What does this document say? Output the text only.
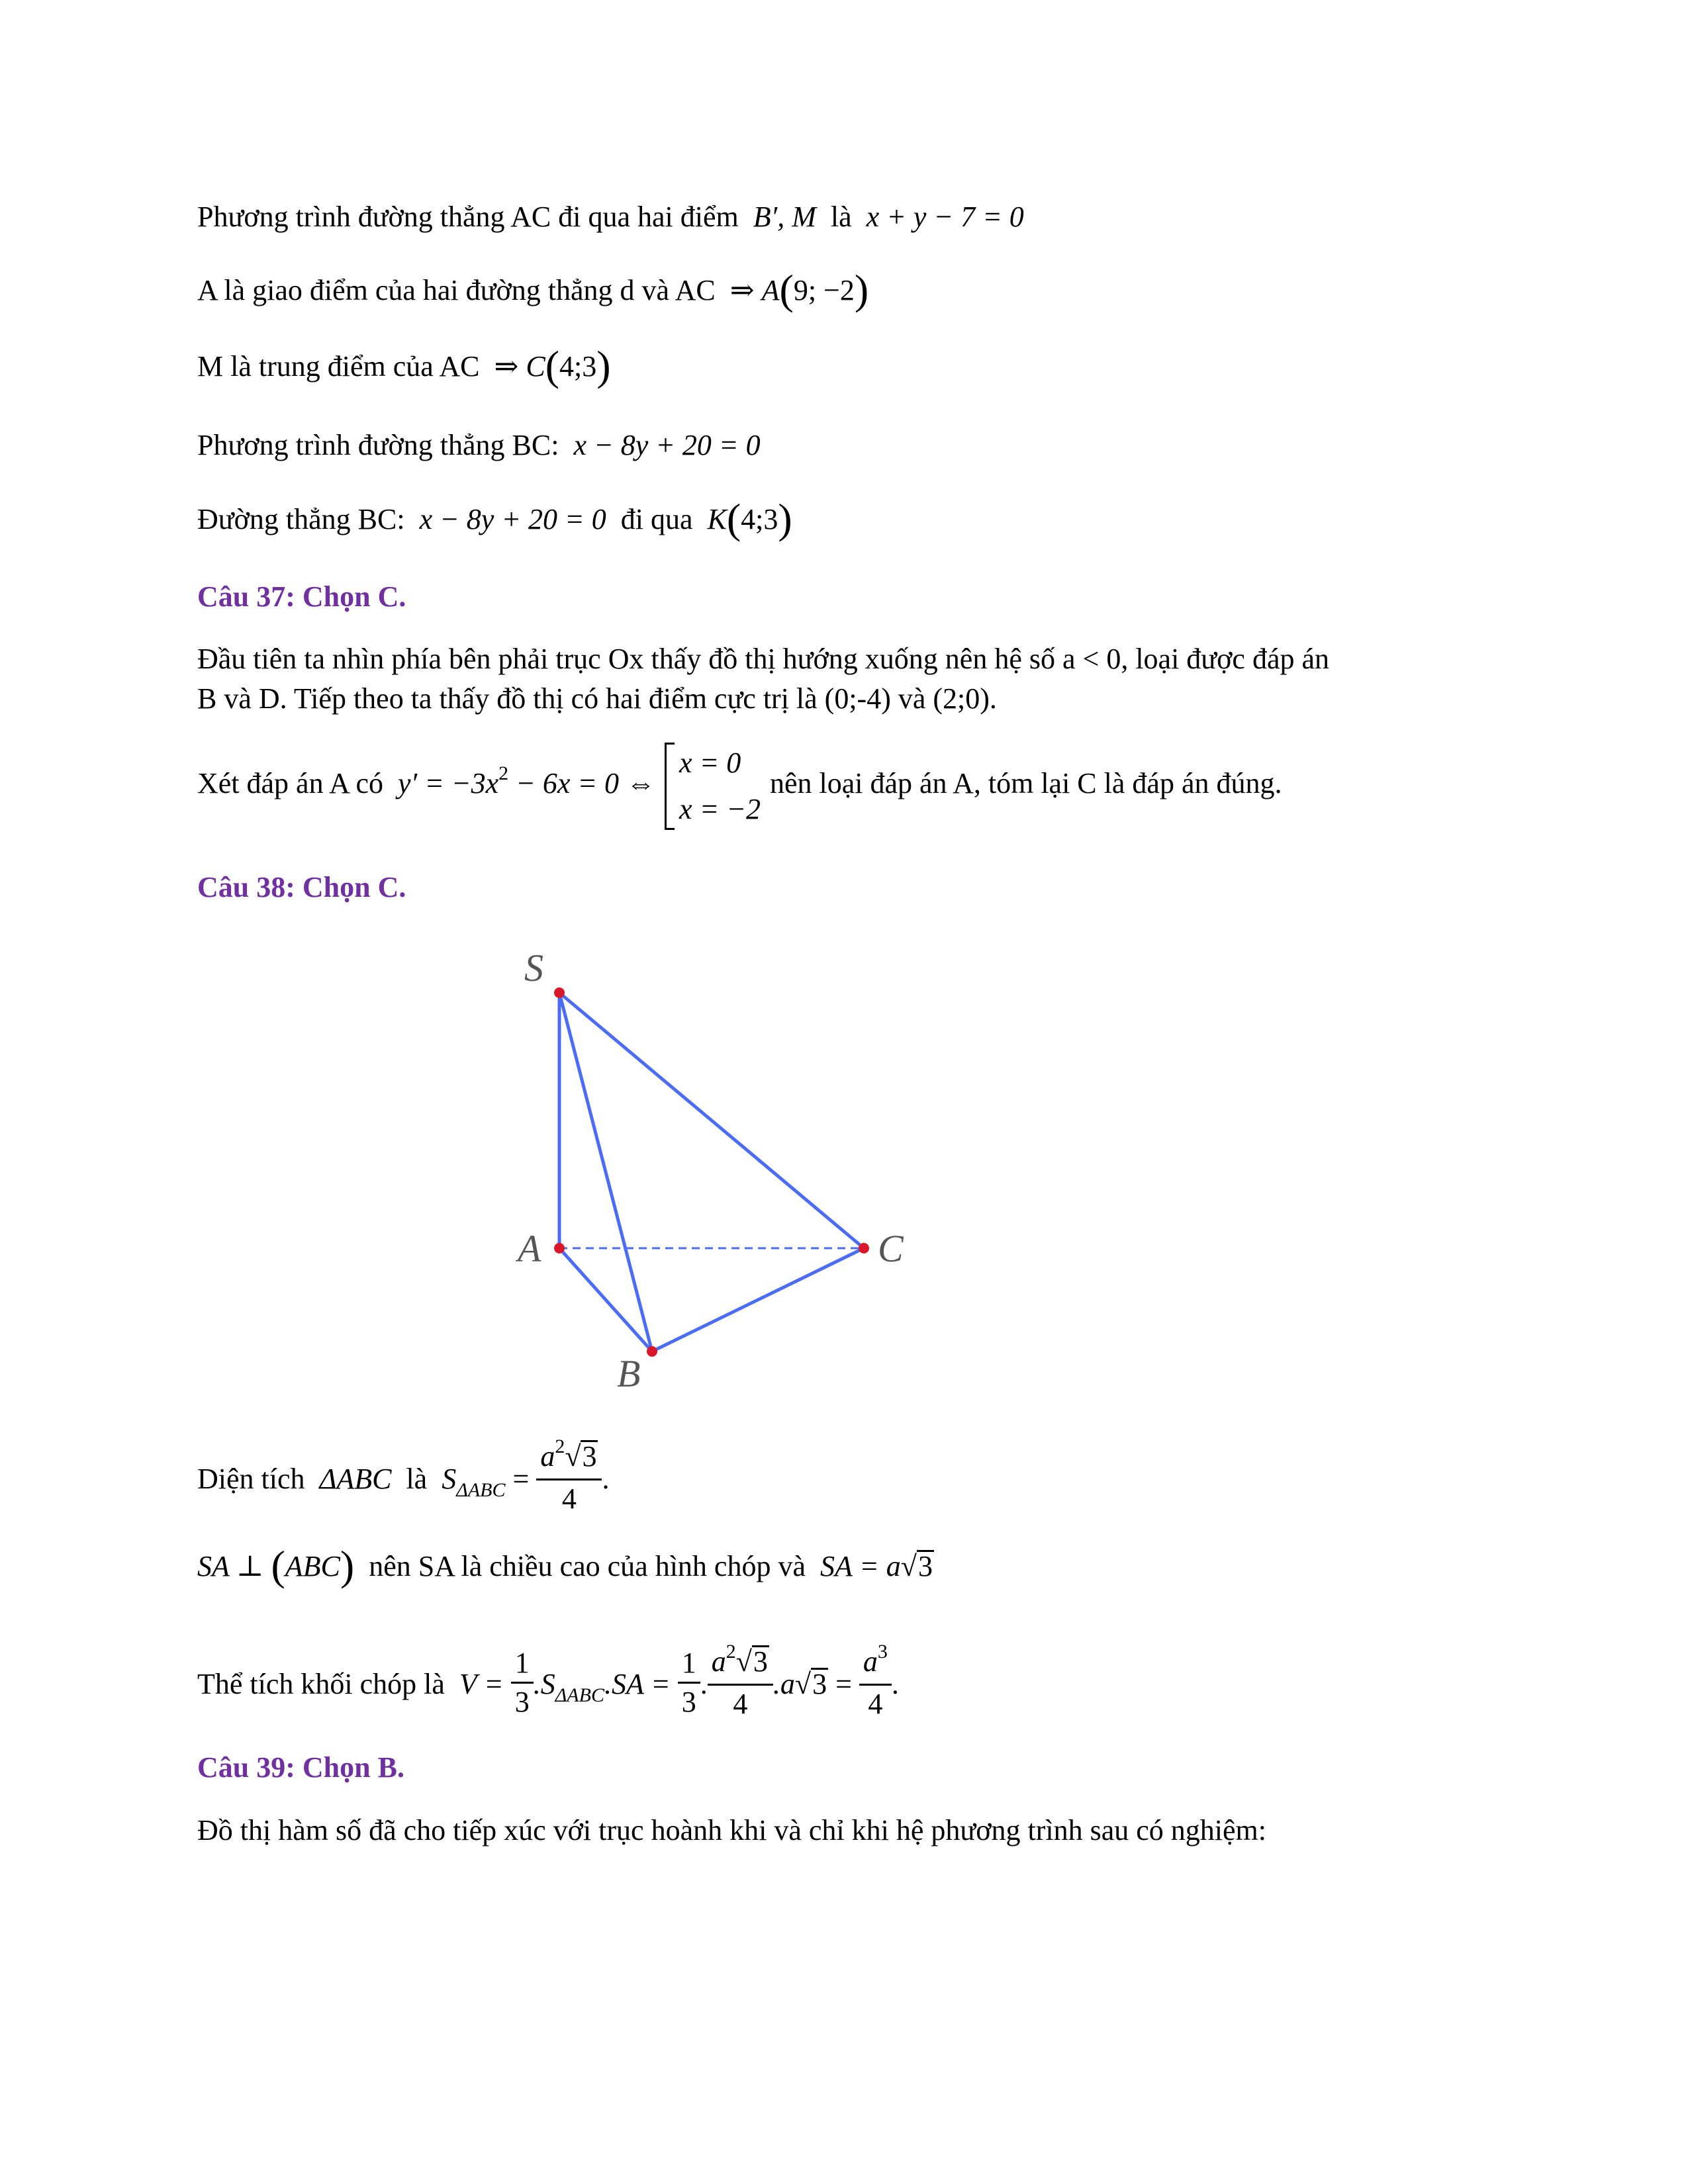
Phương trình đường thẳng AC đi qua hai điểm B′, M là x + y − 7 = 0
A là giao điểm của hai đường thẳng d và AC ⇒ A(9; −2)
M là trung điểm của AC ⇒ C(4;3)
Phương trình đường thẳng BC: x − 8y + 20 = 0
Đường thẳng BC: x − 8y + 20 = 0 đi qua K(4;3)
Câu 37: Chọn C.
Đầu tiên ta nhìn phía bên phải trục Ox thấy đồ thị hướng xuống nên hệ số a < 0, loại được đáp án
B và D. Tiếp theo ta thấy đồ thị có hai điểm cực trị là (0;-4) và (2;0).
Xét đáp án A có $y' = -3x^2 - 6x = 0$ ⇔
x = 0
x = −2
nên loại đáp án A, tóm lại C là đáp án đúng.
Câu 38: Chọn C.
S
A
B
C
Diện tích ΔABC là $S_{\Delta ABC} = \frac{a^2√3}{4}$ .
SA ⊥ (ABC) nên SA là chiều cao của hình chóp và SA = a√3
Thể tích khối chóp là $V = \frac{1}{3} .S_{\Delta ABC}.SA = \frac{1}{3}$ . $\frac{a^2√3}{4} .a√3 = \frac{a^3}{4}$ .
Câu 39: Chọn B.
Đồ thị hàm số đã cho tiếp xúc với trục hoành khi và chỉ khi hệ phương trình sau có nghiệm:
